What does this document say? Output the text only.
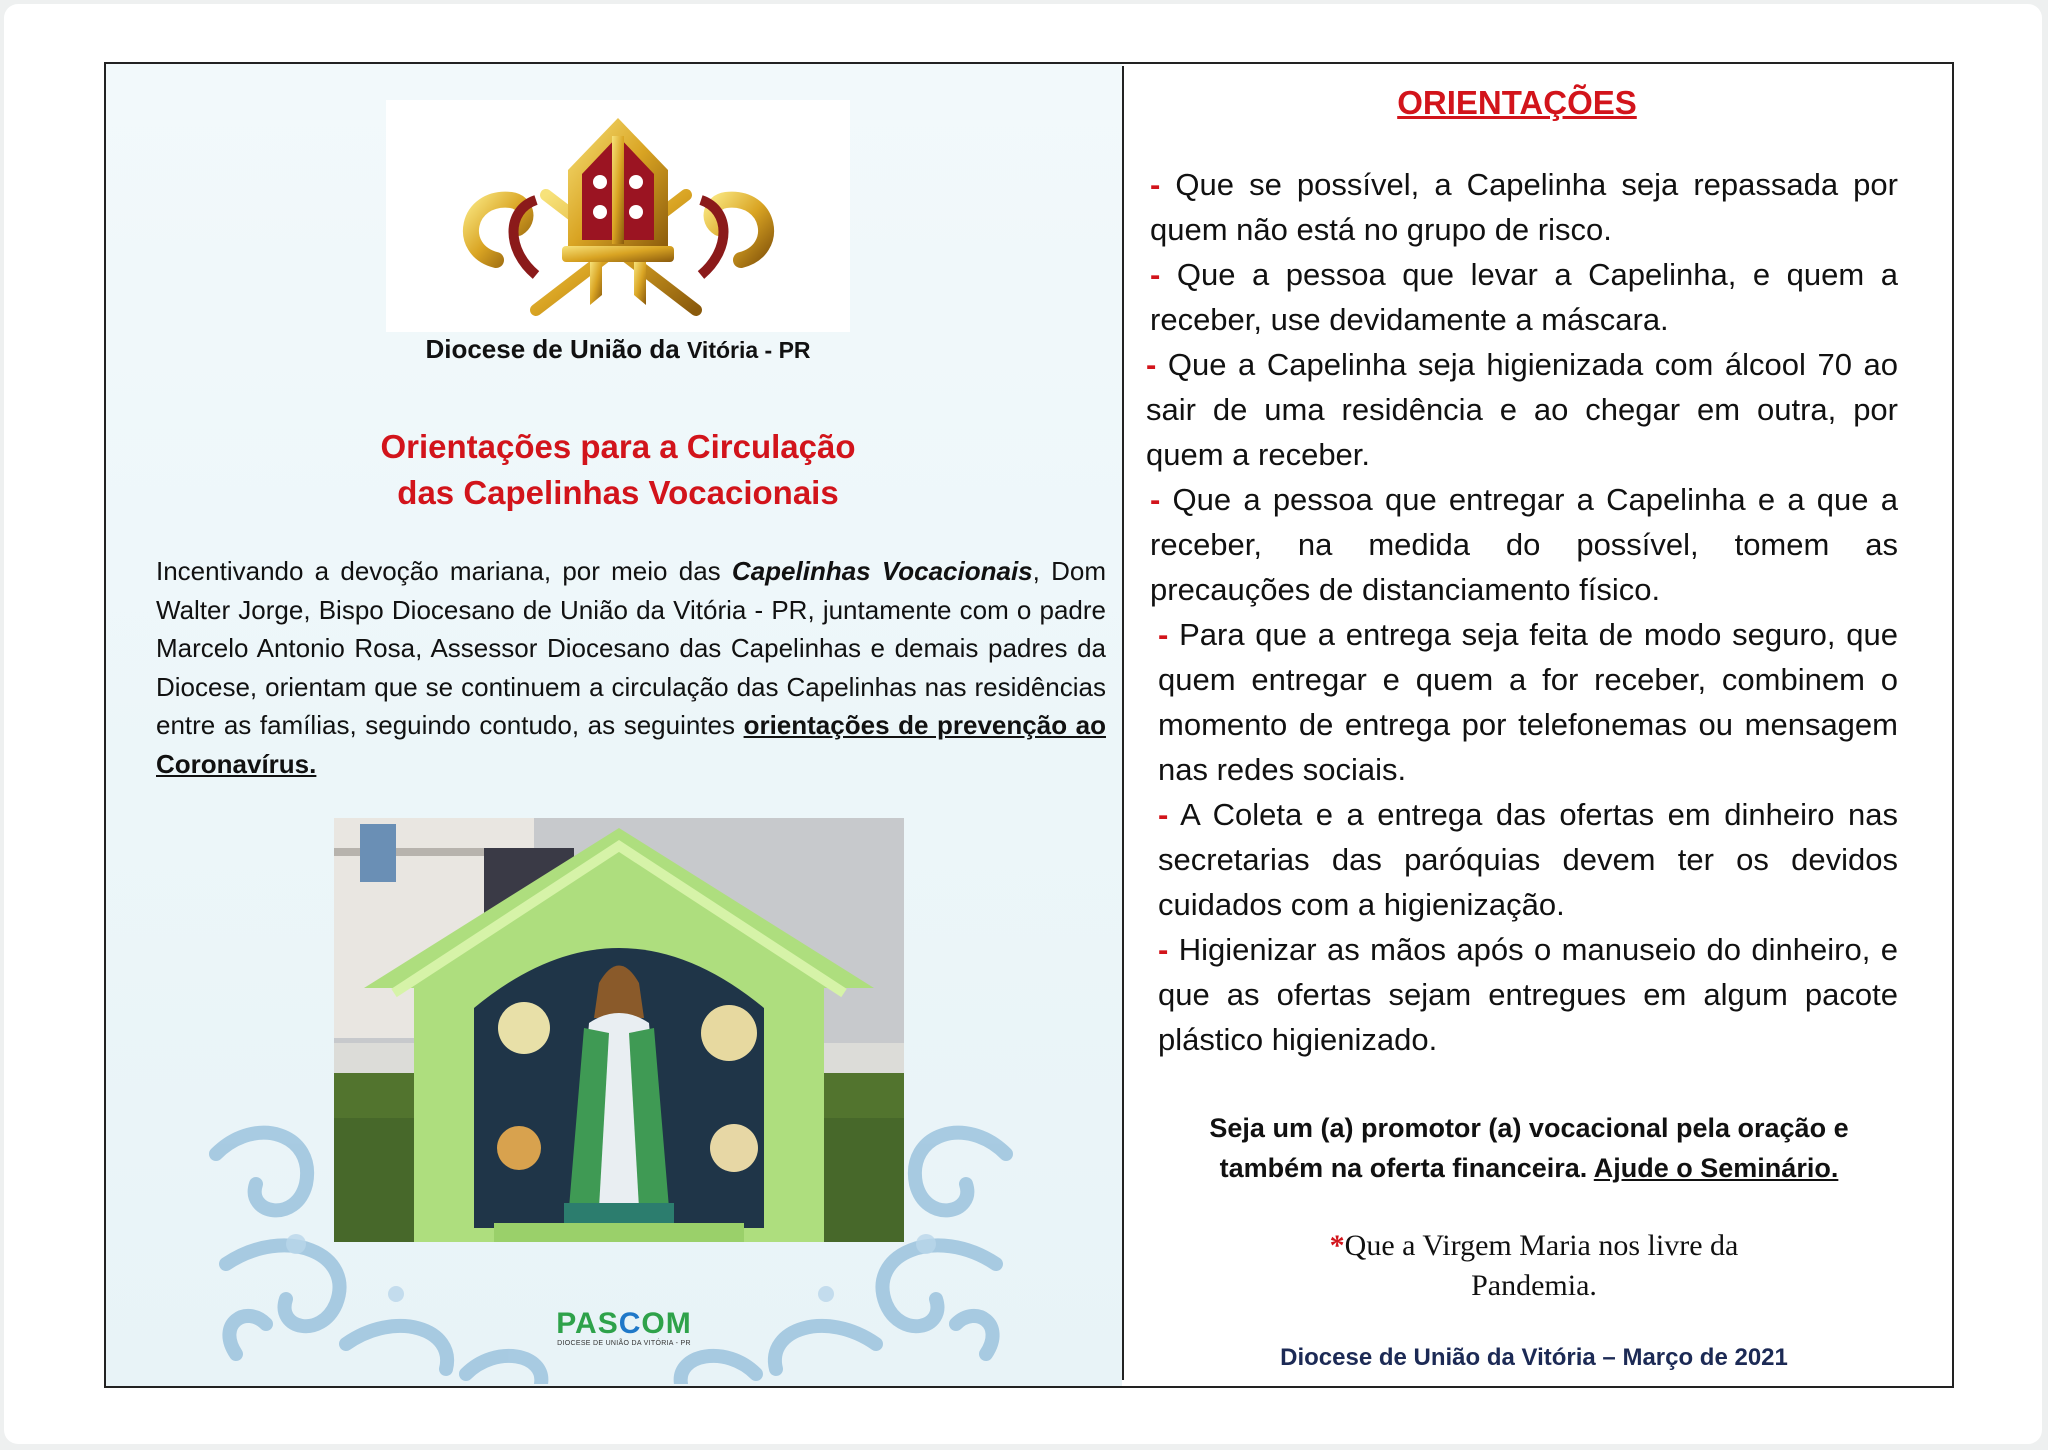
Diocese de União da Vitória - PR
Orientações para a Circulação
das Capelinhas Vocacionais
Incentivando a devoção mariana, por meio das Capelinhas Vocacionais, Dom Walter Jorge, Bispo Diocesano de União da Vitória - PR, juntamente com o padre Marcelo Antonio Rosa, Assessor Diocesano das Capelinhas e demais padres da Diocese, orientam que se continuem a circulação das Capelinhas nas residências entre as famílias, seguindo contudo, as seguintes orientações de prevenção ao Coronavírus.
PASCOM
DIOCESE DE UNIÃO DA VITÓRIA - PR
ORIENTAÇÕES
- Que se possível, a Capelinha seja repassada por quem não está no grupo de risco.
- Que a pessoa que levar a Capelinha, e quem a receber, use devidamente a máscara.
- Que a Capelinha seja higienizada com álcool 70 ao sair de uma residência e ao chegar em outra, por quem a receber.
- Que a pessoa que entregar a Capelinha e a que a receber, na medida do possível, tomem as precauções de distanciamento físico.
- Para que a entrega seja feita de modo seguro, que quem entregar e quem a for receber, combinem o momento de entrega por telefonemas ou mensagem nas redes sociais.
- A Coleta e a entrega das ofertas em dinheiro nas secretarias das paróquias devem ter os devidos cuidados com a higienização.
- Higienizar as mãos após o manuseio do dinheiro, e que as ofertas sejam entregues em algum pacote plástico higienizado.
Seja um (a) promotor (a) vocacional pela oração e
também na oferta financeira. Ajude o Seminário.
*Que a Virgem Maria nos livre da
Pandemia.
Diocese de União da Vitória – Março de 2021
